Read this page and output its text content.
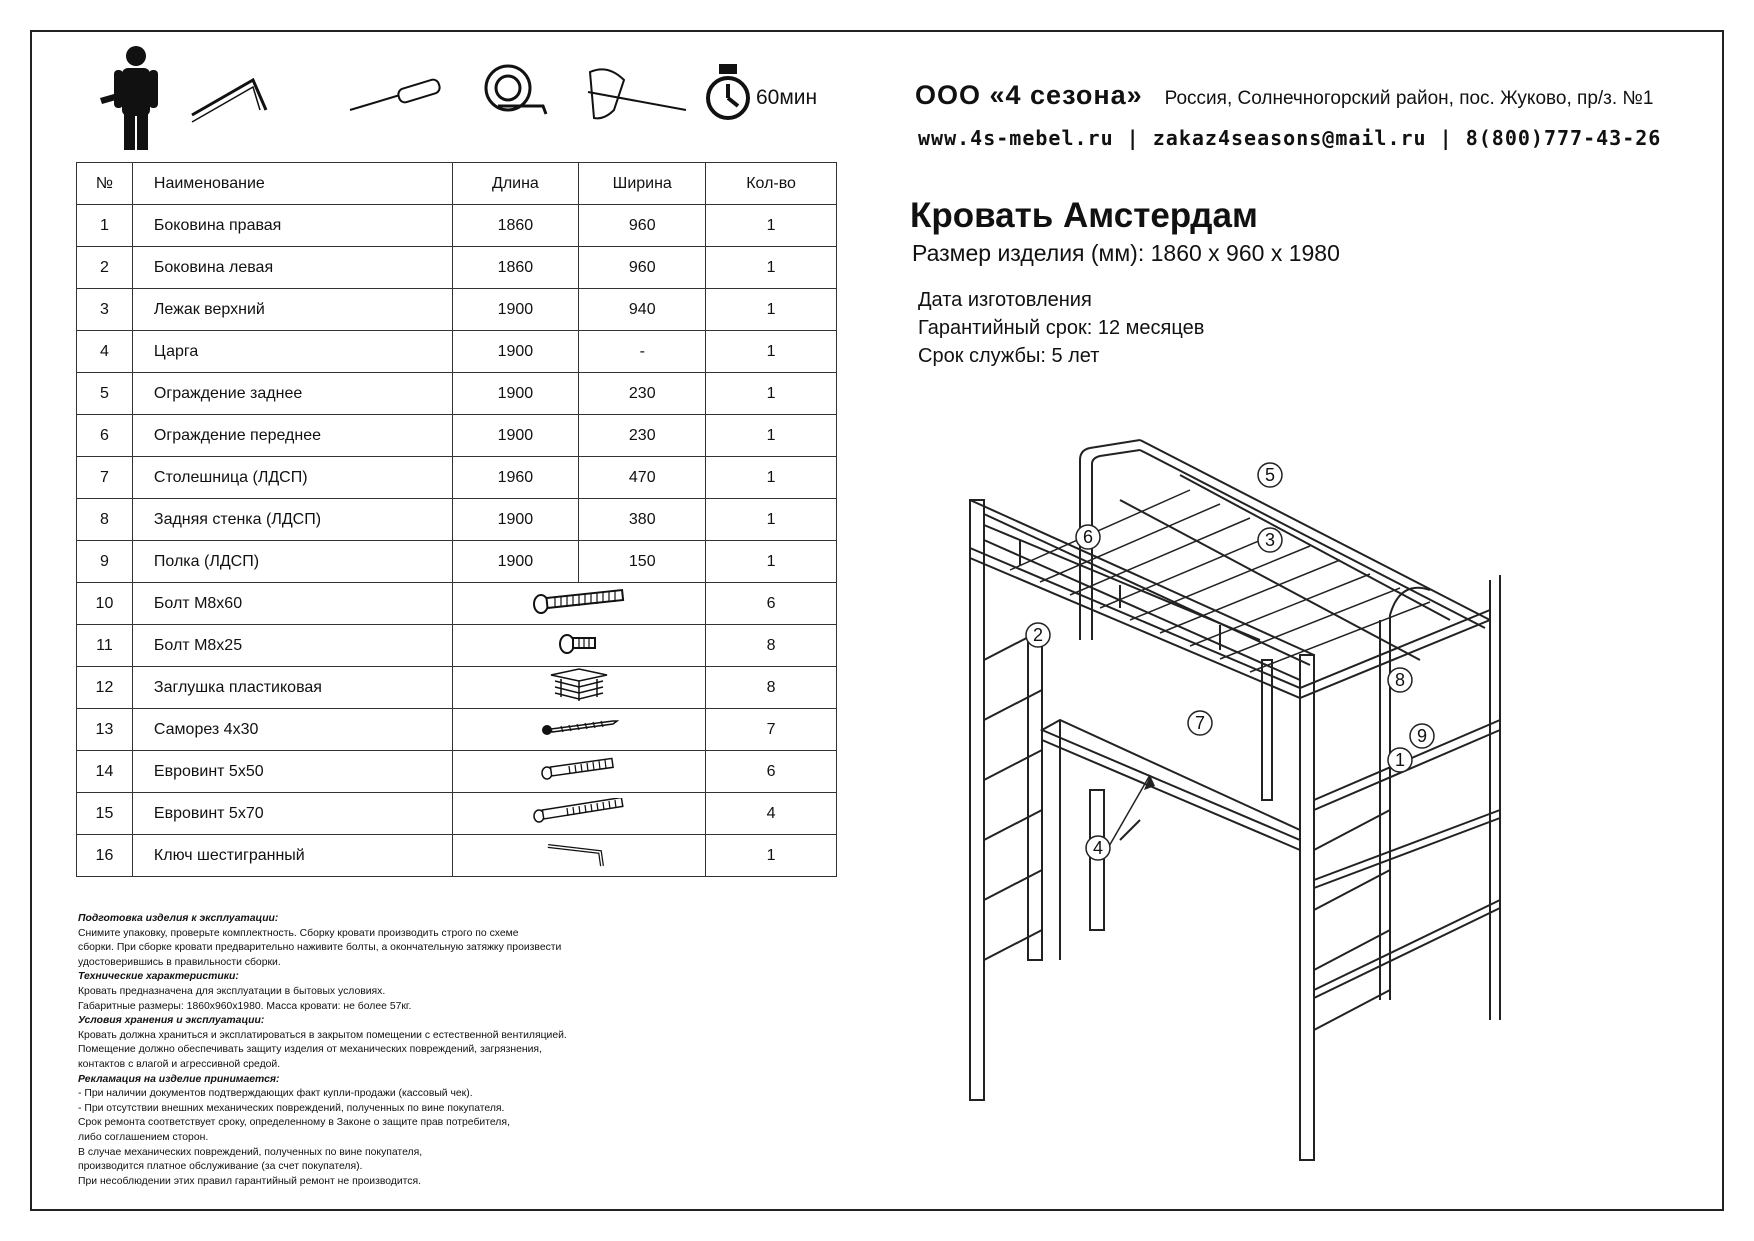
60мин	ООО «4 сезона» Россия, Солнечногорский район, пос. Жуково, пр/з. №1
www.4s-mebel.ru | zakaz4seasons@mail.ru | 8(800)777-43-26
Кровать Амстердам
Размер изделия (мм): 1860 х 960 х 1980
Дата изготовления
Гарантийный срок: 12 месяцев
Срок службы: 5 лет
№	Наименование	Длина	Ширина	Кол-во
1	Боковина правая	1860	960	1
2	Боковина левая	1860	960	1
3	Лежак верхний	1900	940	1
4	Царга	1900	-	1
5	Ограждение заднее	1900	230	1
6	Ограждение переднее	1900	230	1
7	Столешница (ЛДСП)	1960	470	1
8	Задняя стенка (ЛДСП)	1900	380	1
9	Полка (ЛДСП)	1900	150	1
10	Болт М8х60			6
11	Болт М8х25			8
12	Заглушка пластиковая			8
13	Саморез 4х30			7
14	Евровинт 5х50			6
15	Евровинт 5х70			4
16	Ключ шестигранный			1
Подготовка изделия к эксплуатации:
Снимите упаковку, проверьте комплектность. Сборку кровати производить строго по схеме
сборки. При сборке кровати предварительно наживите болты, а окончательную затяжку произвести
удостоверившись в правильности сборки.
Технические характеристики:
Кровать предназначена для эксплуатации в бытовых условиях.
Габаритные размеры: 1860х960х1980. Масса кровати: не более 57кг.
Условия хранения и эксплуатации:
Кровать должна храниться и эксплатироваться в закрытом помещении с естественной вентиляцией.
Помещение должно обеспечивать защиту изделия от механических повреждений, загрязнения,
контактов с влагой и агрессивной средой.
Рекламация на изделие принимается:
- При наличии документов подтверждающих факт купли-продажи (кассовый чек).
- При отсутствии внешних механических повреждений, полученных по вине покупателя.
Срок ремонта соответствует сроку, определенному в Законе о защите прав потребителя,
либо соглашением сторон.
В случае механических повреждений, полученных по вине покупателя,
производится платное обслуживание (за счет покупателя).
При несоблюдении этих правил гарантийный ремонт не производится.
1
2
3
4
5
6
7
8
9
